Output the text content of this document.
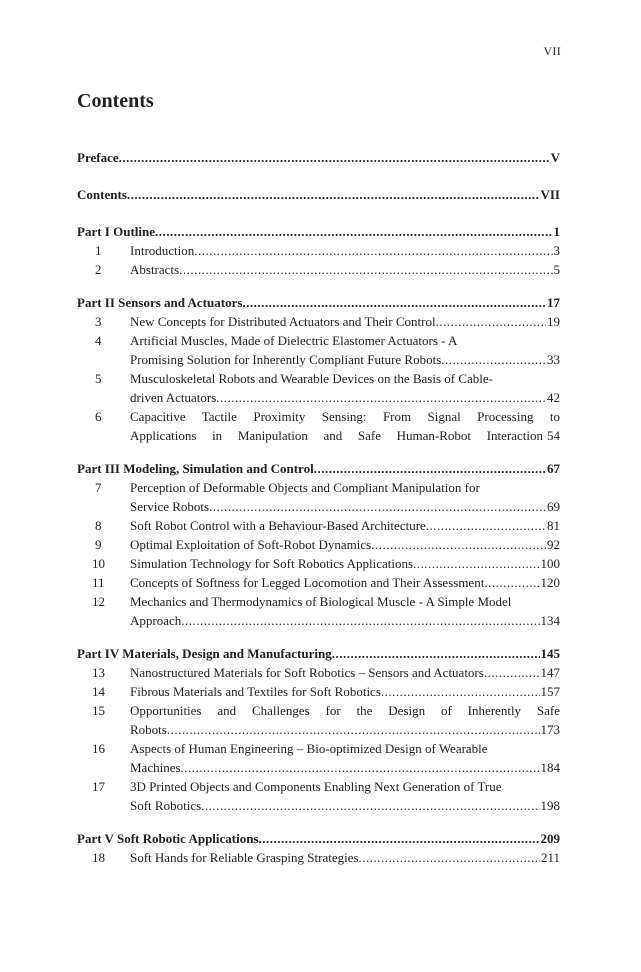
VII
Contents
Preface .....	V
Contents .....	VII
Part I Outline .....	1
1	Introduction .....	3
2	Abstracts .....	5
Part II Sensors and Actuators .....	17
3	New Concepts for Distributed Actuators and Their Control .....	19
4	Artificial Muscles, Made of Dielectric Elastomer Actuators - A
Promising Solution for Inherently Compliant Future Robots .....	33
5	Musculoskeletal Robots and Wearable Devices on the Basis of Cable-
driven Actuators .....	42
6	Capacitive Tactile Proximity Sensing: From Signal Processing to
Applications in Manipulation and Safe Human-Robot Interaction 54
Part III Modeling, Simulation and Control .....	67
7	Perception of Deformable Objects and Compliant Manipulation for
Service Robots .....	69
8	Soft Robot Control with a Behaviour-Based Architecture .....	81
9	Optimal Exploitation of Soft-Robot Dynamics .....	92
10	Simulation Technology for Soft Robotics Applications .....	100
11	Concepts of Softness for Legged Locomotion and Their Assessment .....	120
12	Mechanics and Thermodynamics of Biological Muscle - A Simple Model
Approach .....	134
Part IV Materials, Design and Manufacturing .....	145
13	Nanostructured Materials for Soft Robotics – Sensors and Actuators .....	147
14	Fibrous Materials and Textiles for Soft Robotics .....	157
15	Opportunities and Challenges for the Design of Inherently Safe
Robots .....	173
16	Aspects of Human Engineering – Bio-optimized Design of Wearable
Machines .....	184
17	3D Printed Objects and Components Enabling Next Generation of True
Soft Robotics .....	198
Part V Soft Robotic Applications .....	209
18	Soft Hands for Reliable Grasping Strategies .....	211
